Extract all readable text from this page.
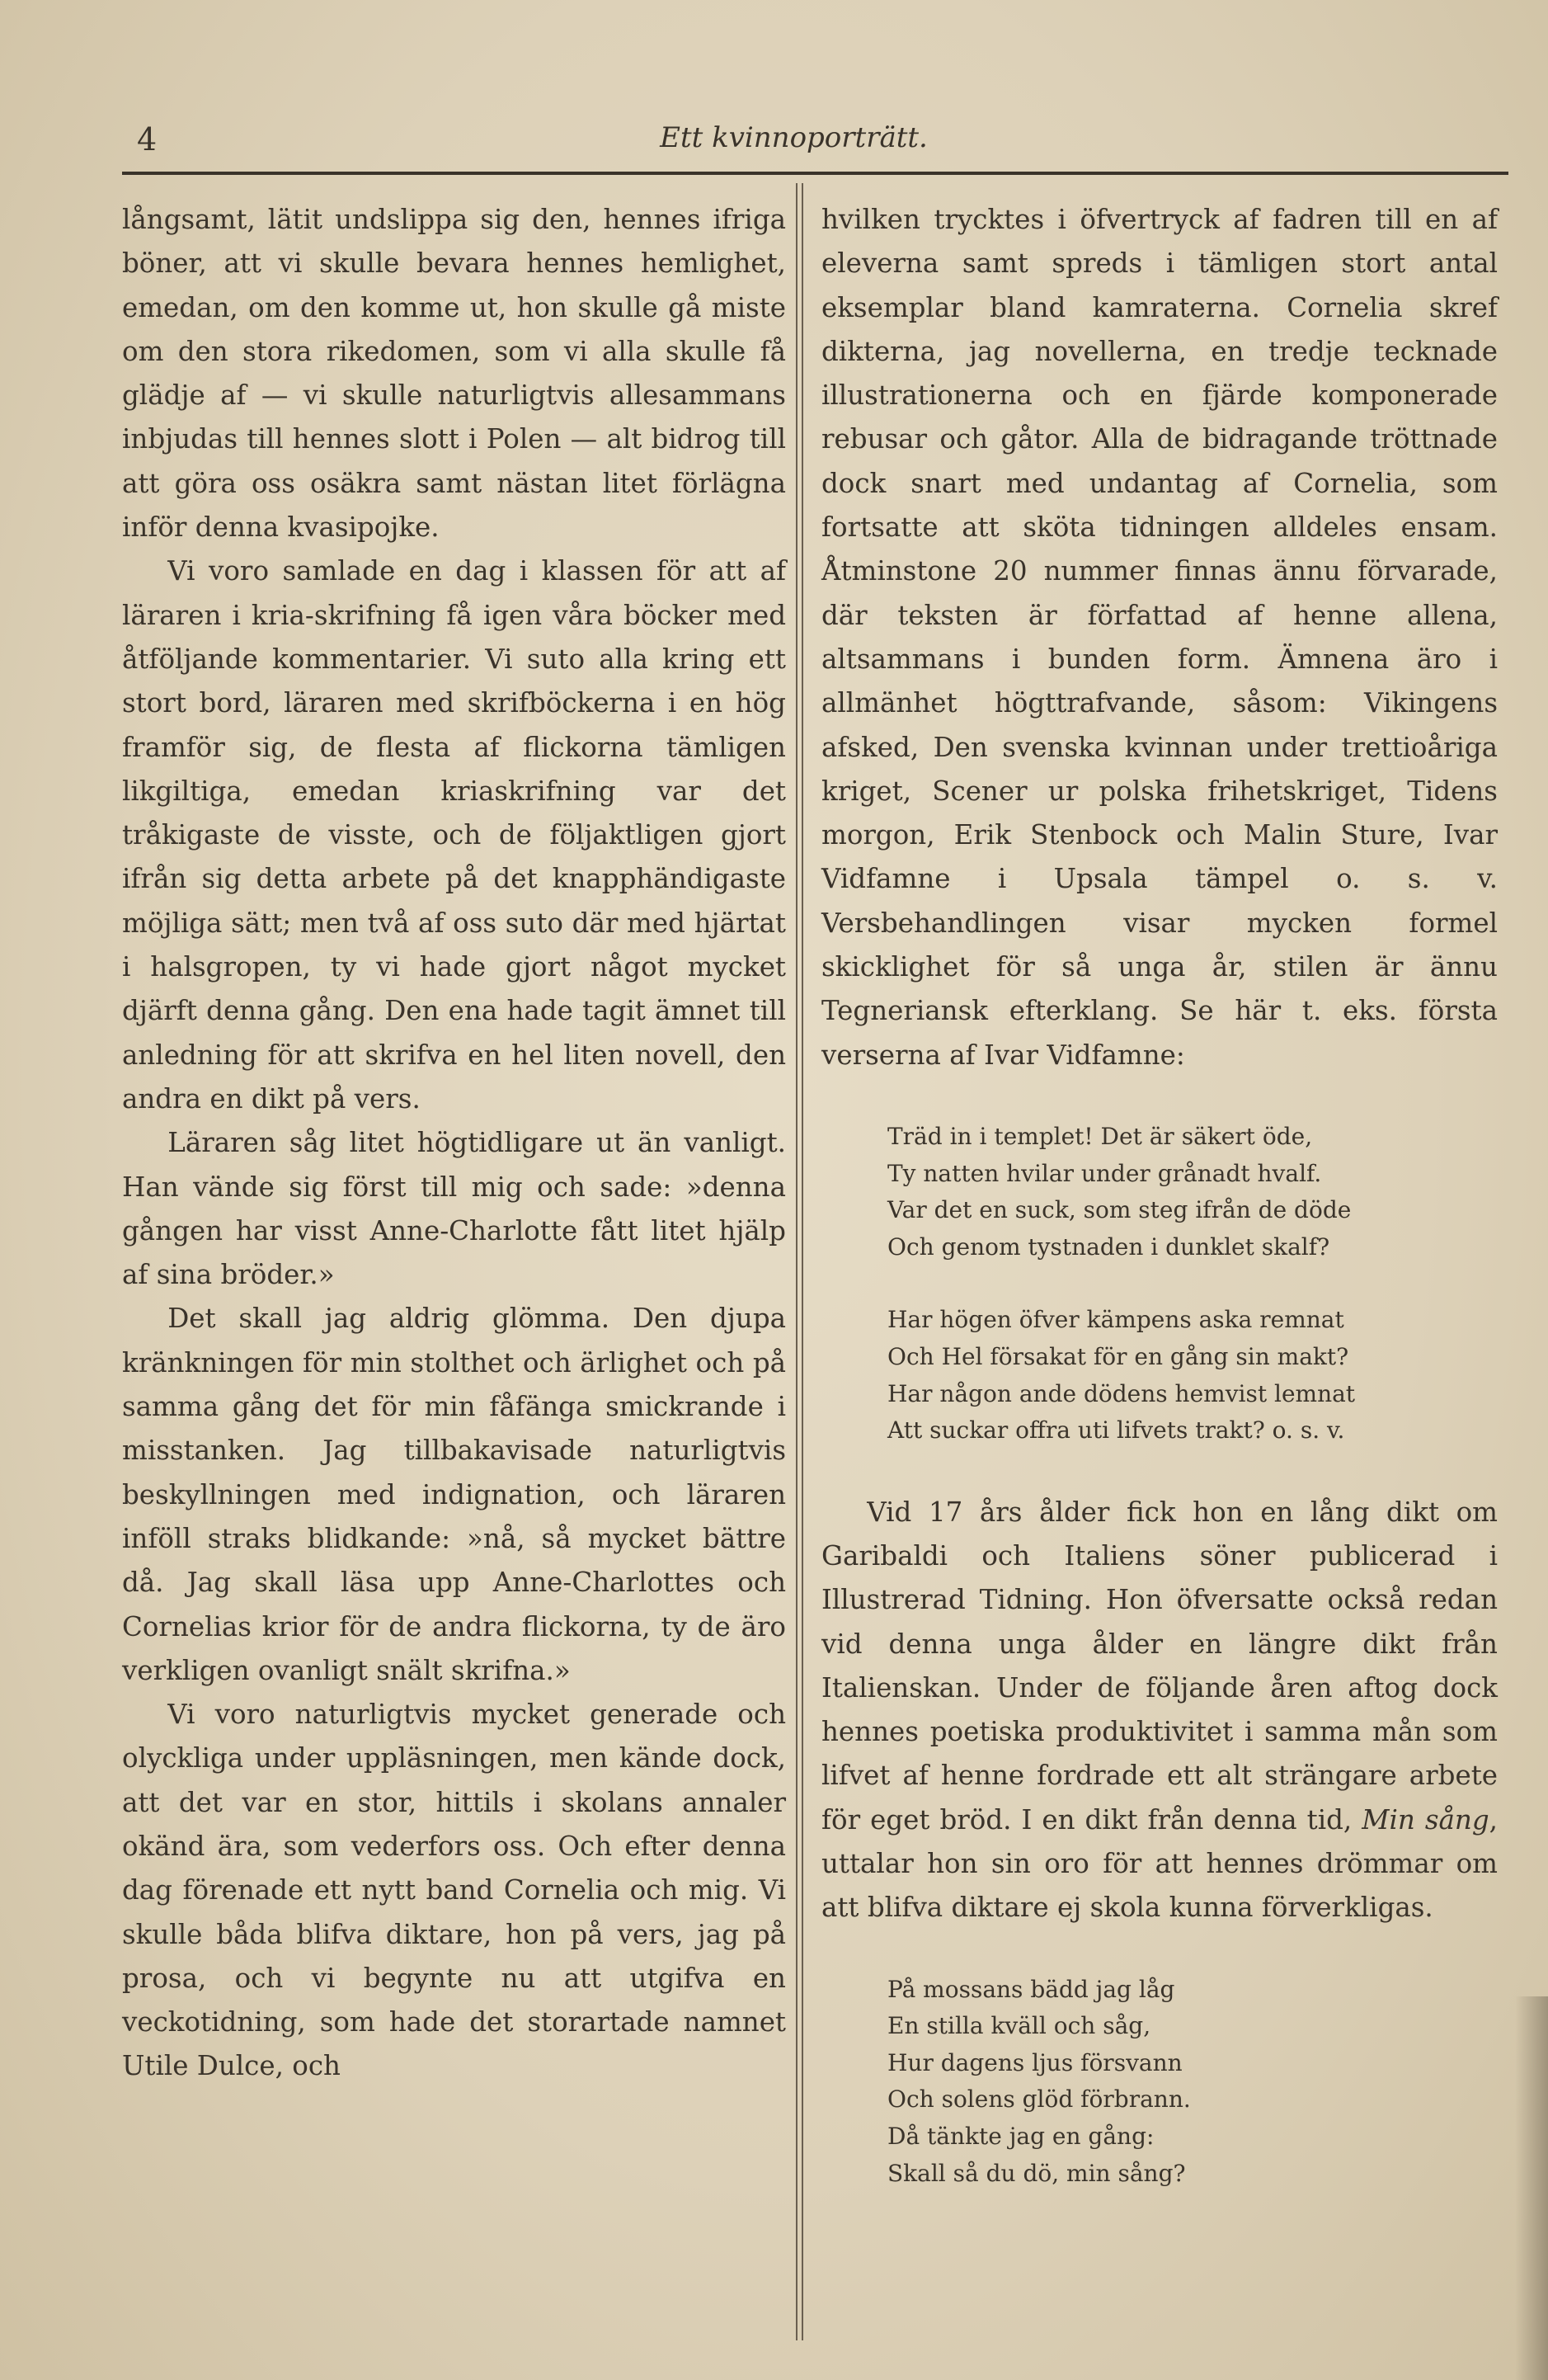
4	Ett kvinnoporträtt.

långsamt, lätit undslippa sig den, hennes ifriga böner, att vi skulle bevara hennes hemlighet, emedan, om den komme ut, hon skulle gå miste om den stora rikedomen, som vi alla skulle få glädje af — vi skulle naturligtvis allesammans inbjudas till hennes slott i Polen — alt bidrog till att göra oss osäkra samt nästan litet förlägna inför denna kvasipojke.

Vi voro samlade en dag i klassen för att af läraren i kria-skrifning få igen våra böcker med åtföljande kommentarier. Vi suto alla kring ett stort bord, läraren med skrifböckerna i en hög framför sig, de flesta af flickorna tämligen likgiltiga, emedan kriaskrifning var det tråkigaste de visste, och de följaktligen gjort ifrån sig detta arbete på det knapphändigaste möjliga sätt; men två af oss suto där med hjärtat i halsgropen, ty vi hade gjort något mycket djärft denna gång. Den ena hade tagit ämnet till anledning för att skrifva en hel liten novell, den andra en dikt på vers.

Läraren såg litet högtidligare ut än vanligt. Han vände sig först till mig och sade: »denna gången har visst Anne-Charlotte fått litet hjälp af sina bröder.»

Det skall jag aldrig glömma. Den djupa kränkningen för min stolthet och ärlighet och på samma gång det för min fåfänga smickrande i misstanken. Jag tillbakavisade naturligtvis beskyllningen med indignation, och läraren inföll straks blidkande: »nå, så mycket bättre då. Jag skall läsa upp Anne-Charlottes och Cornelias krior för de andra flickorna, ty de äro verkligen ovanligt snält skrifna.»

Vi voro naturligtvis mycket generade och olyckliga under uppläsningen, men kände dock, att det var en stor, hittils i skolans annaler okänd ära, som vederfors oss. Och efter denna dag förenade ett nytt band Cornelia och mig. Vi skulle båda blifva diktare, hon på vers, jag på prosa, och vi begynte nu att utgifva en veckotidning, som hade det storartade namnet Utile Dulce, och

hvilken trycktes i öfvertryck af fadren till en af eleverna samt spreds i tämligen stort antal eksemplar bland kamraterna. Cornelia skref dikterna, jag novellerna, en tredje tecknade illustrationerna och en fjärde komponerade rebusar och gåtor. Alla de bidragande tröttnade dock snart med undantag af Cornelia, som fortsatte att sköta tidningen alldeles ensam. Åtminstone 20 nummer finnas ännu förvarade, där teksten är författad af henne allena, altsammans i bunden form. Ämnena äro i allmänhet högttrafvande, såsom: Vikingens afsked, Den svenska kvinnan under trettioåriga kriget, Scener ur polska frihetskriget, Tidens morgon, Erik Stenbock och Malin Sture, Ivar Vidfamne i Upsala tämpel o. s. v. Versbehandlingen visar mycken formel skicklighet för så unga år, stilen är ännu Tegneriansk efterklang. Se här t. eks. första verserna af Ivar Vidfamne:

Träd in i templet! Det är säkert öde,
Ty natten hvilar under grånadt hvalf.
Var det en suck, som steg ifrån de döde
Och genom tystnaden i dunklet skalf?
Har högen öfver kämpens aska remnat
Och Hel försakat för en gång sin makt?
Har någon ande dödens hemvist lemnat
Att suckar offra uti lifvets trakt? o. s. v.

Vid 17 års ålder fick hon en lång dikt om Garibaldi och Italiens söner publicerad i Illustrerad Tidning. Hon öfversatte också redan vid denna unga ålder en längre dikt från Italienskan. Under de följande åren aftog dock hennes poetiska produktivitet i samma mån som lifvet af henne fordrade ett alt strängare arbete för eget bröd. I en dikt från denna tid, Min sång, uttalar hon sin oro för att hennes drömmar om att blifva diktare ej skola kunna förverkligas.

På mossans bädd jag låg
En stilla kväll och såg,
Hur dagens ljus försvann
Och solens glöd förbrann.
Då tänkte jag en gång:
Skall så du dö, min sång?
